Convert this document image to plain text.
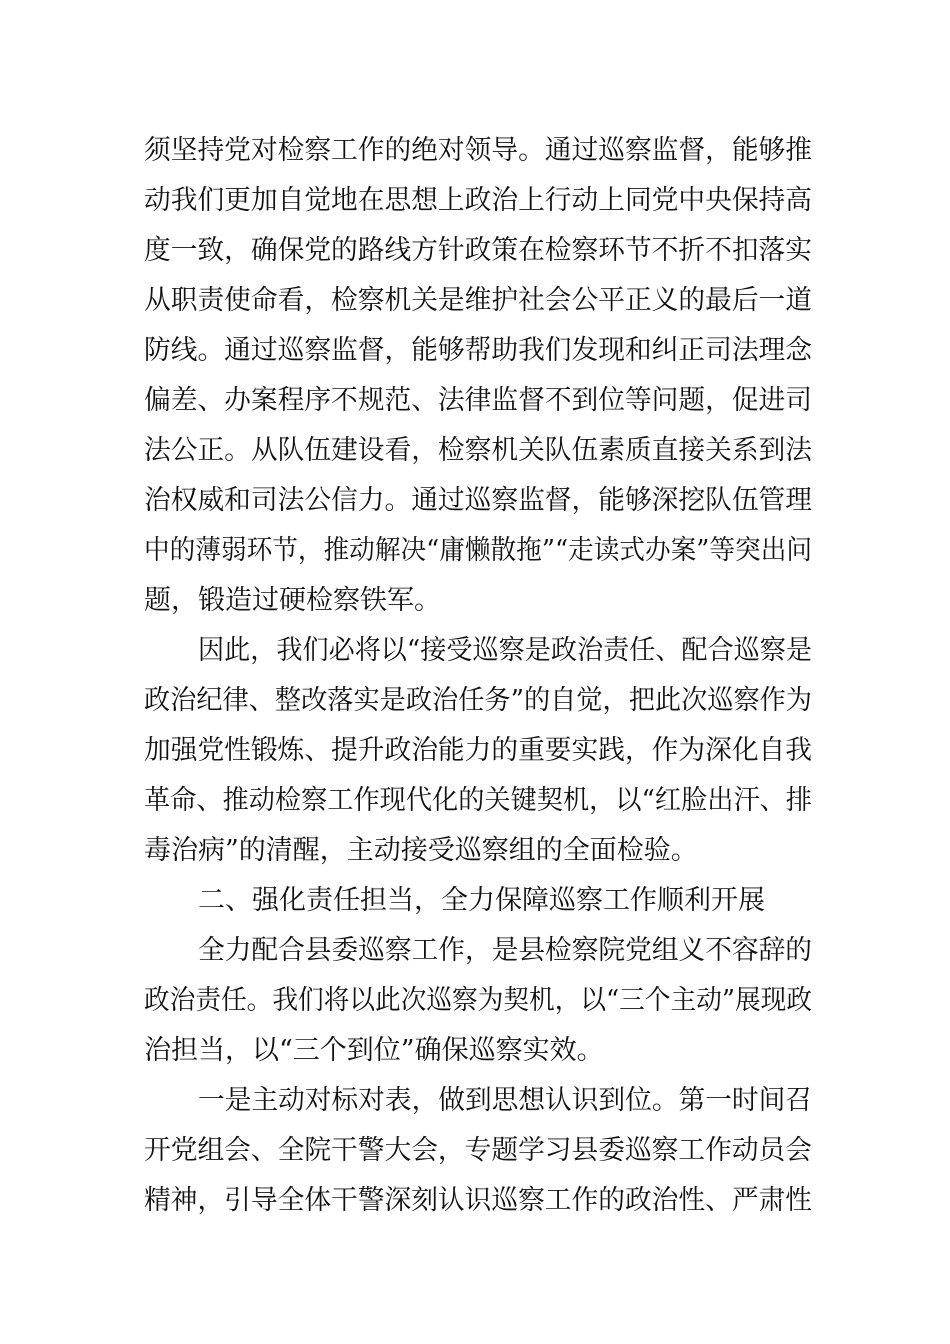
须坚持党对检察工作的绝对领导。通过巡察监督，能够推
动我们更加自觉地在思想上政治上行动上同党中央保持高
度一致，确保党的路线方针政策在检察环节不折不扣落实
从职责使命看，检察机关是维护社会公平正义的最后一道
防线。通过巡察监督，能够帮助我们发现和纠正司法理念
偏差、办案程序不规范、法律监督不到位等问题，促进司
法公正。从队伍建设看，检察机关队伍素质直接关系到法
治权威和司法公信力。通过巡察监督，能够深挖队伍管理
中的薄弱环节，推动解决“庸懒散拖”“走读式办案”等突出问
题，锻造过硬检察铁军。
因此，我们必将以“接受巡察是政治责任、配合巡察是
政治纪律、整改落实是政治任务”的自觉，把此次巡察作为
加强党性锻炼、提升政治能力的重要实践，作为深化自我
革命、推动检察工作现代化的关键契机，以“红脸出汗、排
毒治病”的清醒，主动接受巡察组的全面检验。
二、强化责任担当，全力保障巡察工作顺利开展
全力配合县委巡察工作，是县检察院党组义不容辞的
政治责任。我们将以此次巡察为契机，以“三个主动”展现政
治担当，以“三个到位”确保巡察实效。
一是主动对标对表，做到思想认识到位。第一时间召
开党组会、全院干警大会，专题学习县委巡察工作动员会
精神，引导全体干警深刻认识巡察工作的政治性、严肃性
